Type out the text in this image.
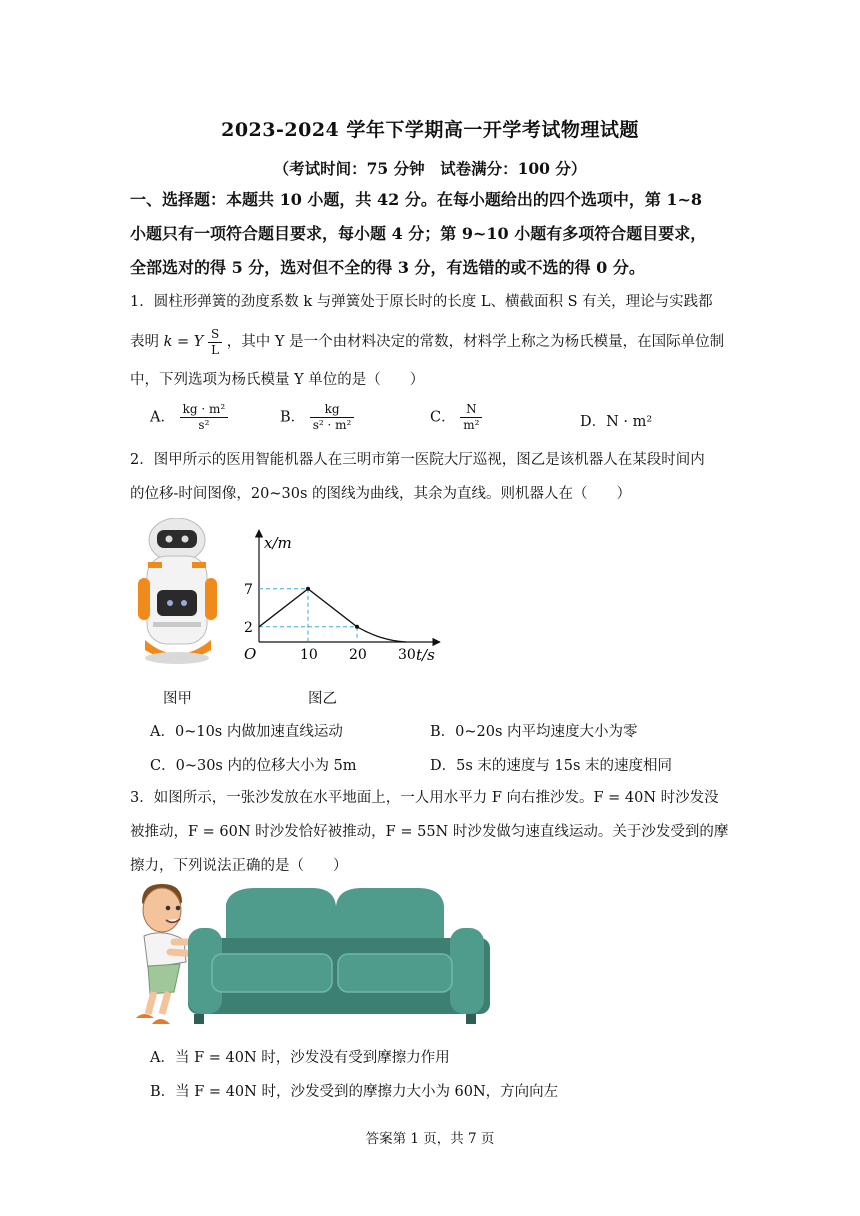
2023-2024 学年下学期高一开学考试物理试题
（考试时间：75 分钟　试卷满分：100 分）
一、选择题：本题共 10 小题，共 42 分。在每小题给出的四个选项中，第 1~8
小题只有一项符合题目要求，每小题 4 分；第 9~10 小题有多项符合题目要求，
全部选对的得 5 分，选对但不全的得 3 分，有选错的或不选的得 0 分。
1．圆柱形弹簧的劲度系数 k 与弹簧处于原长时的长度 L、横截面积 S 有关，理论与实践都
表明 k = Y $\frac{S}{L}$ ，其中 Y 是一个由材料决定的常数，材料学上称之为杨氏模量，在国际单位制
中，下列选项为杨氏模量 Y 单位的是（　　）
A． $\frac{\text{kg · m²}}{\text{s²}}$	B． $\frac{kg}{\text{s² · m²}}$	C． $\frac{N}{\text{m²}}$	D．N · m²
2．图甲所示的医用智能机器人在三明市第一医院大厅巡视，图乙是该机器人在某段时间内
的位移-时间图像，20~30s 的图线为曲线，其余为直线。则机器人在（　　）
x/m
t/s
O	10 20 30
2
7
图甲	图乙
A．0~10s 内做加速直线运动	B．0~20s 内平均速度大小为零
C．0~30s 内的位移大小为 5m	D．5s 末的速度与 15s 末的速度相同
3．如图所示，一张沙发放在水平地面上，一人用水平力 F 向右推沙发。F = 40N 时沙发没
被推动，F = 60N 时沙发恰好被推动，F = 55N 时沙发做匀速直线运动。关于沙发受到的摩
擦力，下列说法正确的是（　　）
A．当 F = 40N 时，沙发没有受到摩擦力作用
B．当 F = 40N 时，沙发受到的摩擦力大小为 60N，方向向左
答案第 1 页，共 7 页
